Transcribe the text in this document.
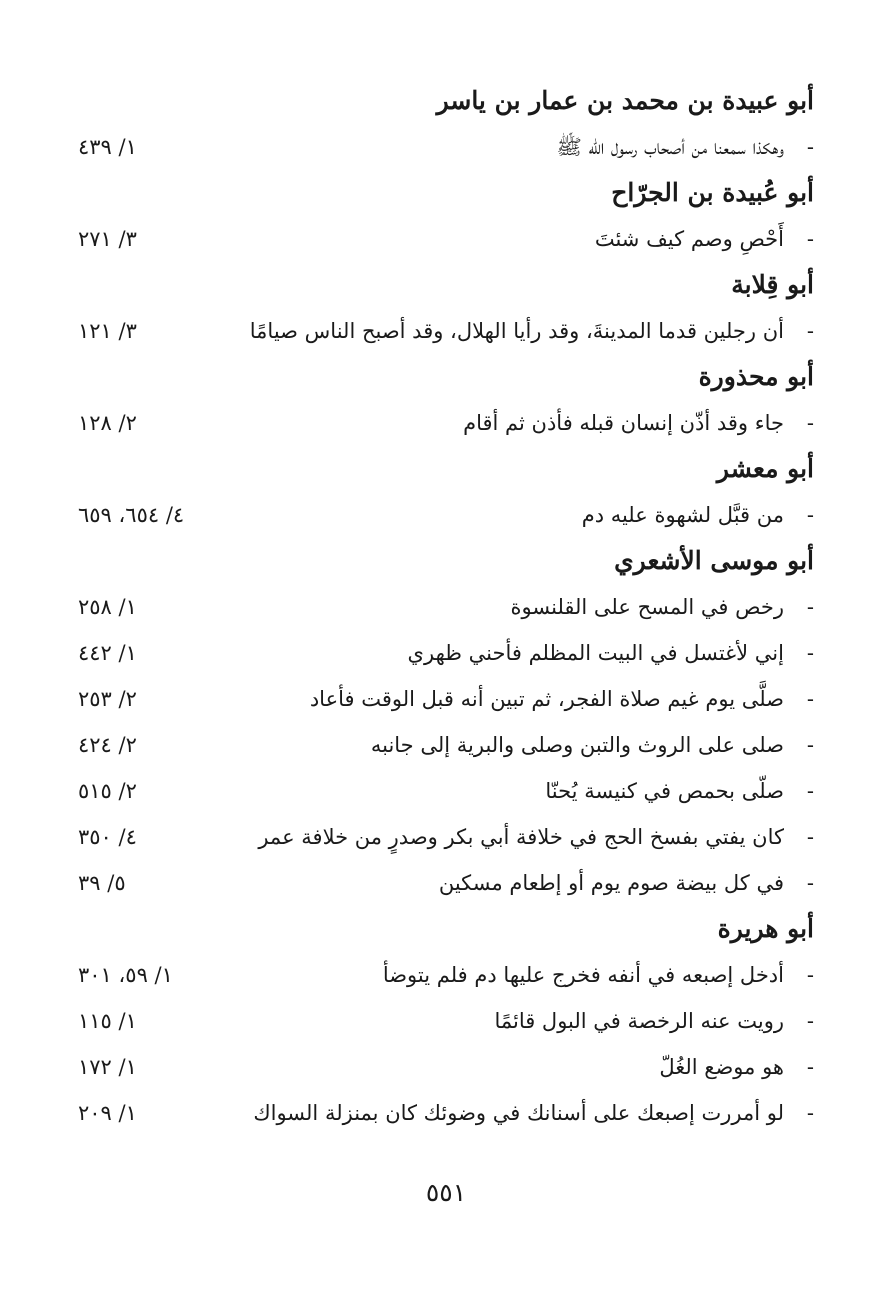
أبو عبيدة بن محمد بن عمار بن ياسر
-
وهكذا سمعنا من أصحاب رسول الله ﷺ
١/ ٤٣٩
أبو عُبيدة بن الجرّاح
-
أَحْصِ وصم كيف شئتَ
٣/ ٢٧١
أبو قِلابة
-
أن رجلين قدما المدينةَ، وقد رأيا الهلال، وقد أصبح الناس صيامًا
٣/ ١٢١
أبو محذورة
-
جاء وقد أذّن إنسان قبله فأذن ثم أقام
٢/ ١٢٨
أبو معشر
-
من قبَّل لشهوة عليه دم
٤/ ٦٥٤، ٦٥٩
أبو موسى الأشعري
-
رخص في المسح على القلنسوة
١/ ٢٥٨
-
إني لأغتسل في البيت المظلم فأحني ظهري
١/ ٤٤٢
-
صلَّى يوم غيم صلاة الفجر، ثم تبين أنه قبل الوقت فأعاد
٢/ ٢٥٣
-
صلى على الروث والتبن وصلى والبرية إلى جانبه
٢/ ٤٢٤
-
صلّى بحمص في كنيسة يُحنّا
٢/ ٥١٥
-
كان يفتي بفسخ الحج في خلافة أبي بكر وصدرٍ من خلافة عمر
٤/ ٣٥٠
-
في كل بيضة صوم يوم أو إطعام مسكين
٥/ ٣٩
أبو هريرة
-
أدخل إصبعه في أنفه فخرج عليها دم فلم يتوضأ
١/ ٥٩، ٣٠١
-
رويت عنه الرخصة في البول قائمًا
١/ ١١٥
-
هو موضع الغُلّ
١/ ١٧٢
-
لو أمررت إصبعك على أسنانك في وضوئك كان بمنزلة السواك
١/ ٢٠٩
٥٥١
